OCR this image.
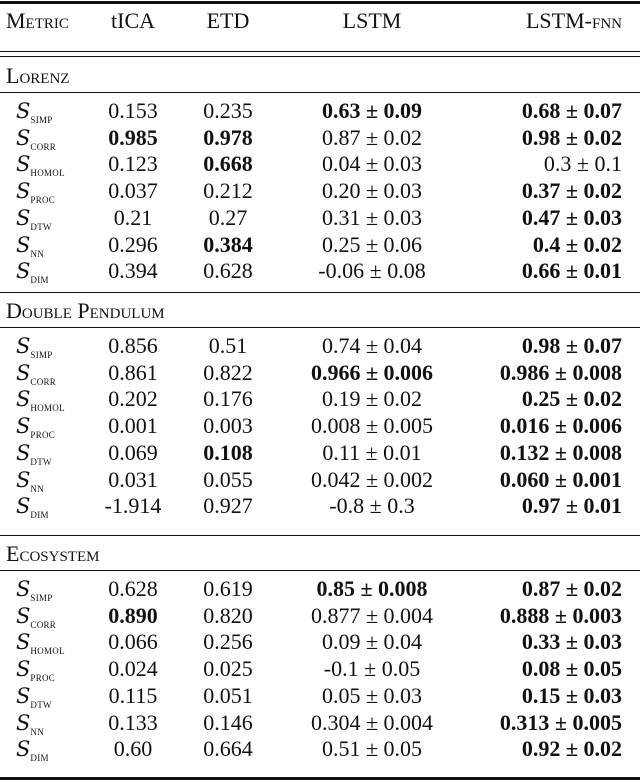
Metric tICA ETD	LSTM	LSTM-fnn
Lorenz
$S_{simp}$	0.153 0.235	0.63 ± 0.09	0.68 ± 0.07
$S_{corr}$ 0.985 0.978	0.87 ± 0.02	0.98 ± 0.02
$S_{homol}$ 0.123 0.668	0.04 ± 0.03	0.3 ± 0.1
$S_{proc}$ 0.037 0.212	0.20 ± 0.03	0.37 ± 0.02
$S_{dtw}$	0.21	0.27	0.31 ± 0.03	0.47 ± 0.03
$S_{nn}$	0.296 0.384	0.25 ± 0.06	0.4 ± 0.02
$S_{dim}$	0.394 0.628	-0.06 ± 0.08	0.66 ± 0.01
Double Pendulum
$S_{simp}$	0.856 0.51	0.74 ± 0.04	0.98 ± 0.07
$S_{corr}$ 0.861 0.822	0.966 ± 0.006	0.986 ± 0.008
$S_{homol}$ 0.202 0.176	0.19 ± 0.02	0.25 ± 0.02
$S_{proc}$ 0.001 0.003	0.008 ± 0.005	0.016 ± 0.006
$S_{dtw}$	0.069 0.108	0.11 ± 0.01	0.132 ± 0.008
$S_{nn}$	0.031 0.055	0.042 ± 0.002	0.060 ± 0.001
$S_{dim}$	-1.914 0.927	-0.8 ± 0.3	0.97 ± 0.01
Ecosystem
$S_{simp}$	0.628 0.619	0.85 ± 0.008	0.87 ± 0.02
$S_{corr}$ 0.890 0.820	0.877 ± 0.004	0.888 ± 0.003
$S_{homol}$ 0.066 0.256	0.09 ± 0.04	0.33 ± 0.03
$S_{proc}$ 0.024 0.025	-0.1 ± 0.05	0.08 ± 0.05
$S_{dtw}$	0.115 0.051	0.05 ± 0.03	0.15 ± 0.03
$S_{nn}$	0.133 0.146	0.304 ± 0.004	0.313 ± 0.005
$S_{dim}$	0.60 0.664	0.51 ± 0.05	0.92 ± 0.02
